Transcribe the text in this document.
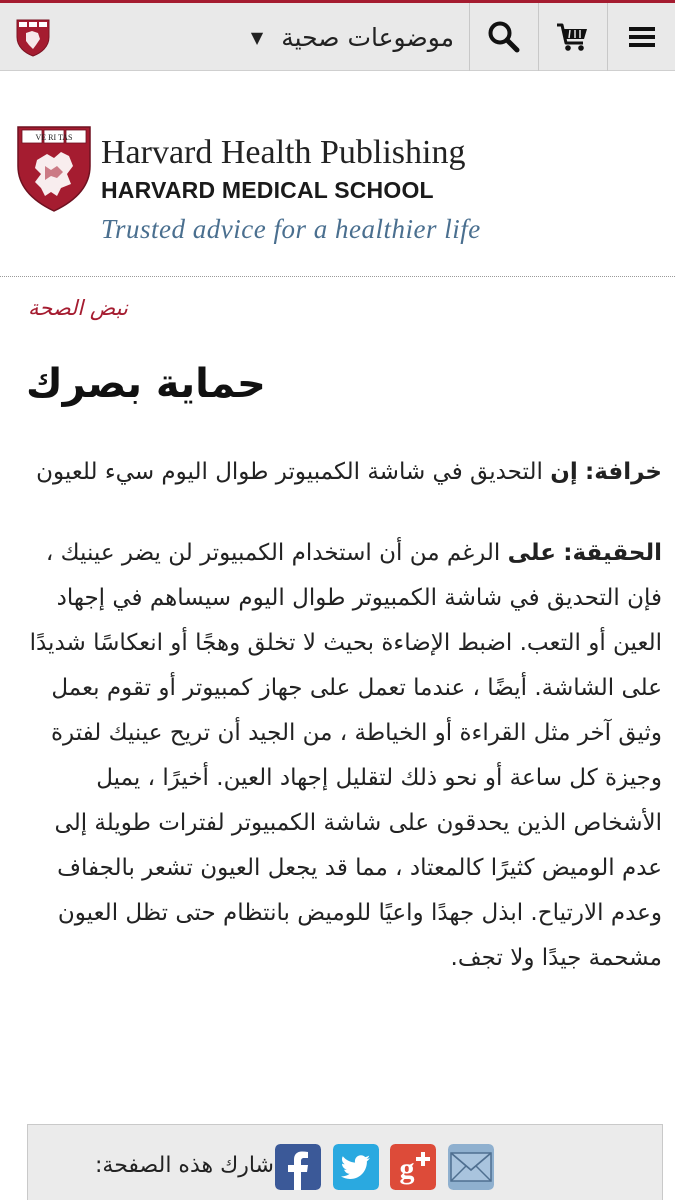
موضوعات صحية
▼
VE RI TAS Harvard Health Publishing
HARVARD MEDICAL SCHOOL
Trusted advice for a healthier life
نبض الصحة
حماية بصرك

خرافة: إن التحديق في شاشة الكمبيوتر طوال اليوم سيء للعيون

الحقيقة: على الرغم من أن استخدام الكمبيوتر لن يضر عينيك ، فإن التحديق في شاشة الكمبيوتر طوال اليوم سيساهم في إجهاد العين أو التعب. اضبط الإضاءة بحيث لا تخلق وهجًا أو انعكاسًا شديدًا على الشاشة. أيضًا ، عندما تعمل على جهاز كمبيوتر أو تقوم بعمل وثيق آخر مثل القراءة أو الخياطة ، من الجيد أن تريح عينيك لفترة وجيزة كل ساعة أو نحو ذلك لتقليل إجهاد العين. أخيرًا ، يميل الأشخاص الذين يحدقون على شاشة الكمبيوتر لفترات طويلة إلى عدم الوميض كثيرًا كالمعتاد ، مما قد يجعل العيون تشعر بالجفاف وعدم الارتياح. ابذل جهدًا واعيًا للوميض بانتظام حتى تظل العيون مشحمة جيدًا ولا تجف.

شارك هذه الصفحة:	g
